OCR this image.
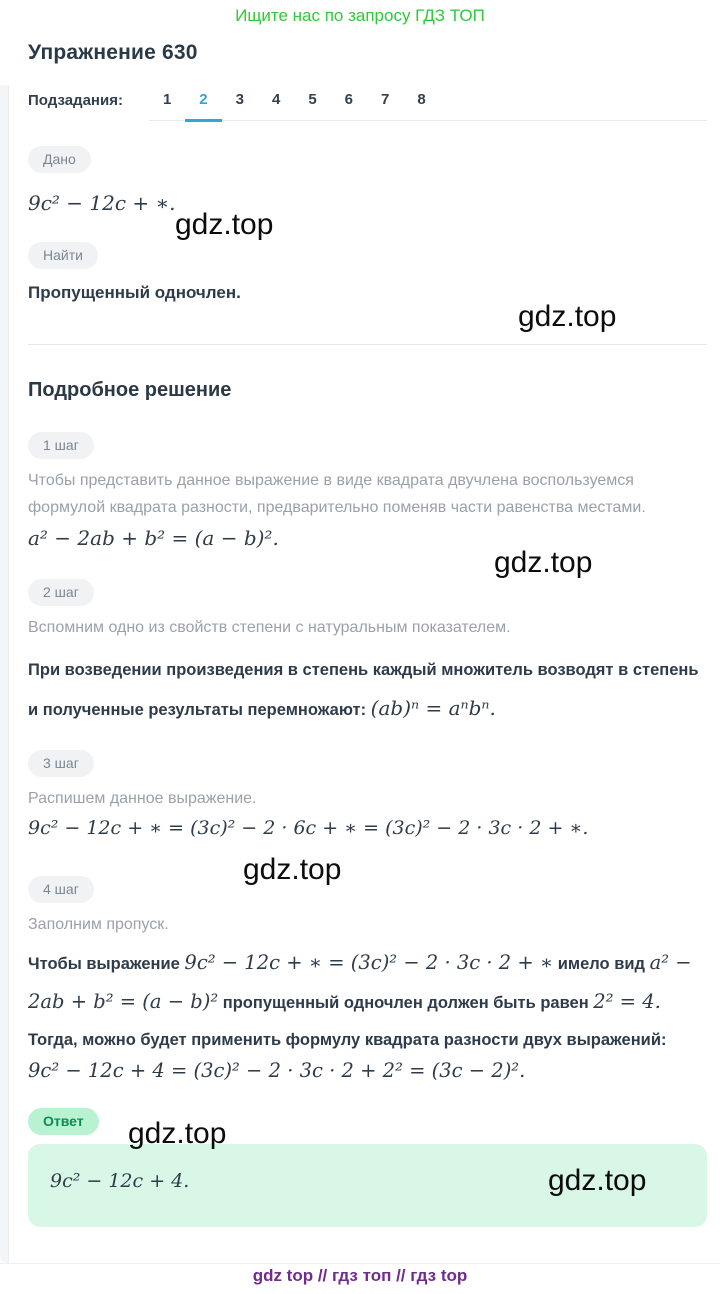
Ищите нас по запросу ГДЗ ТОП
Упражнение 630
Подзадания:	1	2	3	4	5	6	7	8
Дано
9c² − 12c + ∗.
Найти
Пропущенный одночлен.
Подробное решение
1 шаг
Чтобы представить данное выражение в виде квадрата двучлена воспользуемся формулой квадрата разности, предварительно поменяв части равенства местами.
a² − 2ab + b² = (a − b)².
2 шаг
Вспомним одно из свойств степени с натуральным показателем.
При возведении произведения в степень каждый множитель возводят в степень и полученные результаты перемножают: (ab)ⁿ = aⁿbⁿ.
3 шаг
Распишем данное выражение.
9c² − 12c + ∗ = (3c)² − 2 · 6c + ∗ = (3c)² − 2 · 3c · 2 + ∗.
4 шаг
Заполним пропуск.
Чтобы выражение 9c² − 12c + ∗ = (3c)² − 2 · 3c · 2 + ∗ имело вид a² − 2ab + b² = (a − b)² пропущенный одночлен должен быть равен 2² = 4.
Тогда, можно будет применить формулу квадрата разности двух выражений:
9c² − 12c + 4 = (3c)² − 2 · 3c · 2 + 2² = (3c − 2)².
Ответ
9c² − 12c + 4.
gdz.top
gdz.top
gdz.top
gdz.top
gdz.top
gdz.top
gdz top // гдз топ // гдз top
